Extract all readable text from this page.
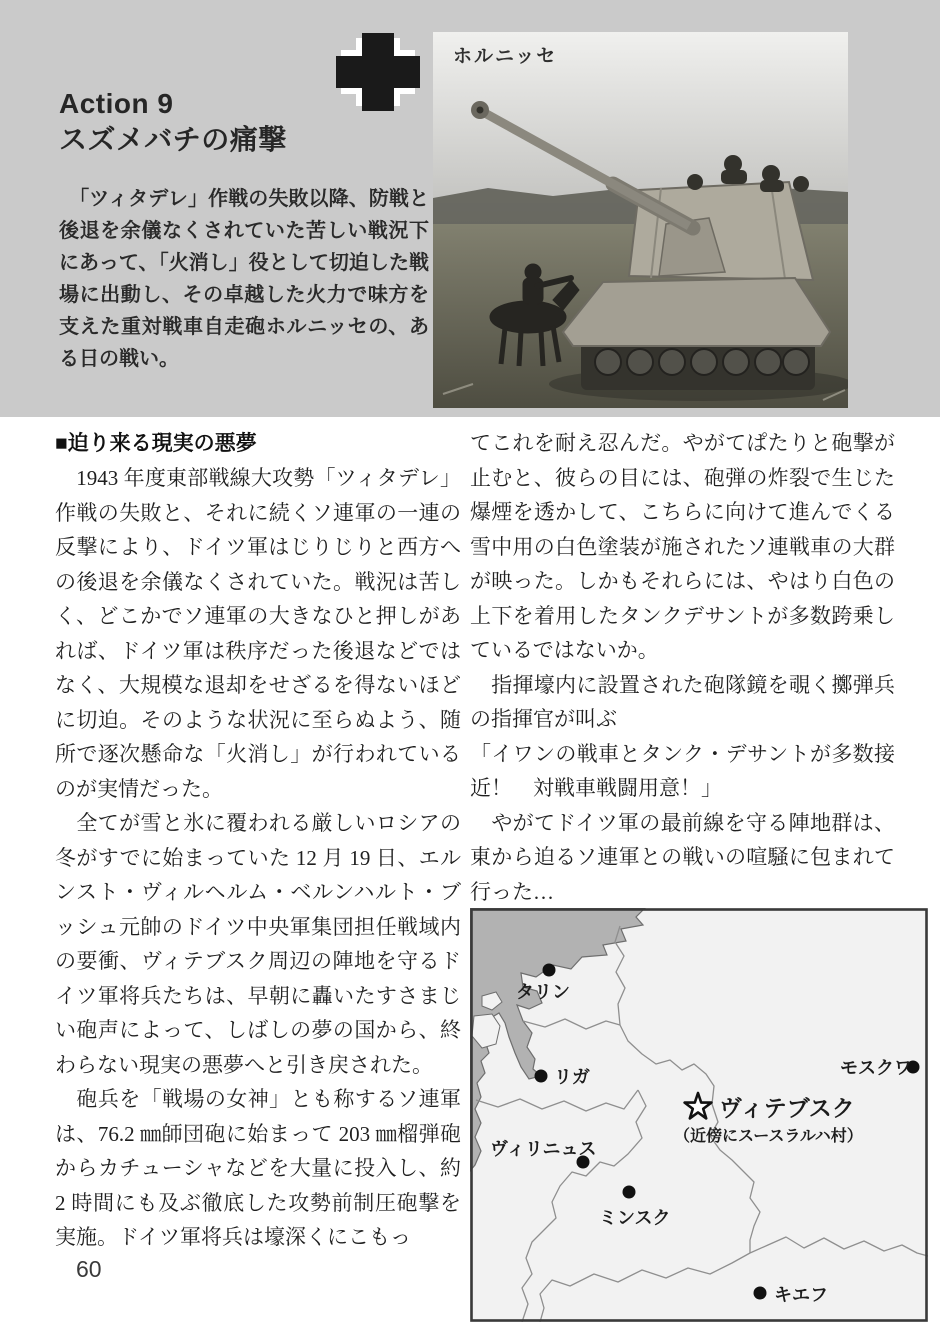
Action 9
スズメバチの痛撃
　「ツィタデレ」作戦の失敗以降、防戦と後退を余儀なくされていた苦しい戦況下にあって、「火消し」役として切迫した戦場に出動し、その卓越した火力で味方を支えた重対戦車自走砲ホルニッセの、ある日の戦い。
ホルニッセ
■迫り来る現実の悪夢

　1943 年度東部戦線大攻勢「ツィタデレ」作戦の失敗と、それに続くソ連軍の一連の反撃により、ドイツ軍はじりじりと西方への後退を余儀なくされていた。戦況は苦しく、どこかでソ連軍の大きなひと押しがあれば、ドイツ軍は秩序だった後退などではなく、大規模な退却をせざるを得ないほどに切迫。そのような状況に至らぬよう、随所で逐次懸命な「火消し」が行われているのが実情だった。

　全てが雪と氷に覆われる厳しいロシアの冬がすでに始まっていた 12 月 19 日、エルンスト・ヴィルヘルム・ベルンハルト・ブッシュ元帥のドイツ中央軍集団担任戦域内の要衝、ヴィテブスク周辺の陣地を守るドイツ軍将兵たちは、早朝に轟いたすさまじい砲声によって、しばしの夢の国から、終わらない現実の悪夢へと引き戻された。

　砲兵を「戦場の女神」とも称するソ連軍は、76.2 ㎜師団砲に始まって 203 ㎜榴弾砲からカチューシャなどを大量に投入し、約 2 時間にも及ぶ徹底した攻勢前制圧砲撃を実施。ドイツ軍将兵は壕深くにこもっ

てこれを耐え忍んだ。やがてぱたりと砲撃が止むと、彼らの目には、砲弾の炸裂で生じた爆煙を透かして、こちらに向けて進んでくる雪中用の白色塗装が施されたソ連戦車の大群が映った。しかもそれらには、やはり白色の上下を着用したタンクデサントが多数跨乗しているではないか。

　指揮壕内に設置された砲隊鏡を覗く擲弾兵の指揮官が叫ぶ

「イワンの戦車とタンク・デサントが多数接近！　対戦車戦闘用意！」

　やがてドイツ軍の最前線を守る陣地群は、東から迫るソ連軍との戦いの喧騒に包まれて行った…

タリン
リガ	モスクワ
ヴィテブスク
（近傍にスースラルハ村）
ヴィリニュス
ミンスク
キエフ
60
